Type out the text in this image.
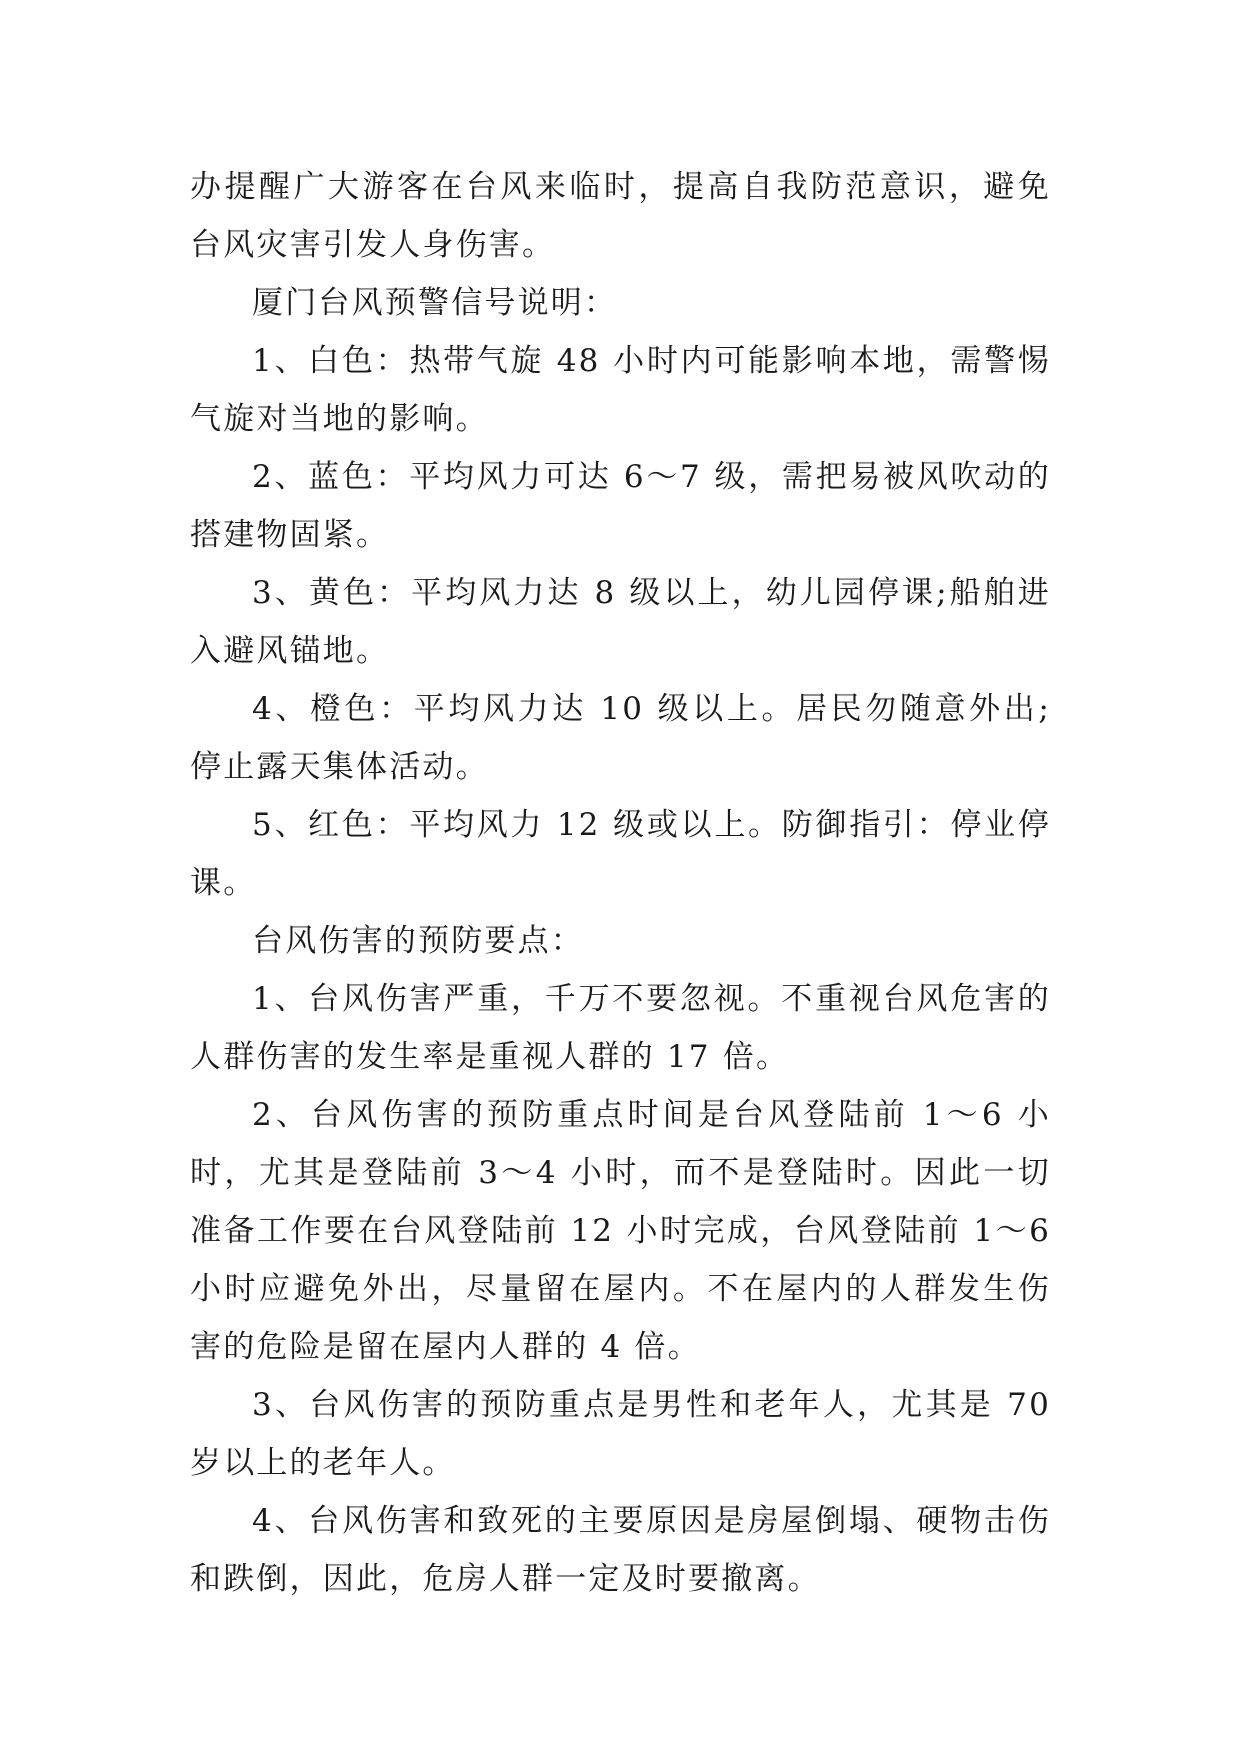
办提醒广大游客在台风来临时，提高自我防范意识，避免台风灾害引发人身伤害。

厦门台风预警信号说明：

1、白色：热带气旋 48 小时内可能影响本地，需警惕气旋对当地的影响。

2、蓝色：平均风力可达 6～7 级，需把易被风吹动的搭建物固紧。

3、黄色：平均风力达 8 级以上，幼儿园停课;船舶进入避风锚地。

4、橙色：平均风力达 10 级以上。居民勿随意外出;停止露天集体活动。

5、红色：平均风力 12 级或以上。防御指引：停业停课。

台风伤害的预防要点：

1、台风伤害严重，千万不要忽视。不重视台风危害的人群伤害的发生率是重视人群的 17 倍。

2、台风伤害的预防重点时间是台风登陆前 1～6 小时，尤其是登陆前 3～4 小时，而不是登陆时。因此一切准备工作要在台风登陆前 12 小时完成，台风登陆前 1～6 小时应避免外出，尽量留在屋内。不在屋内的人群发生伤害的危险是留在屋内人群的 4 倍。

3、台风伤害的预防重点是男性和老年人，尤其是 70 岁以上的老年人。

4、台风伤害和致死的主要原因是房屋倒塌、硬物击伤和跌倒，因此，危房人群一定及时要撤离。
